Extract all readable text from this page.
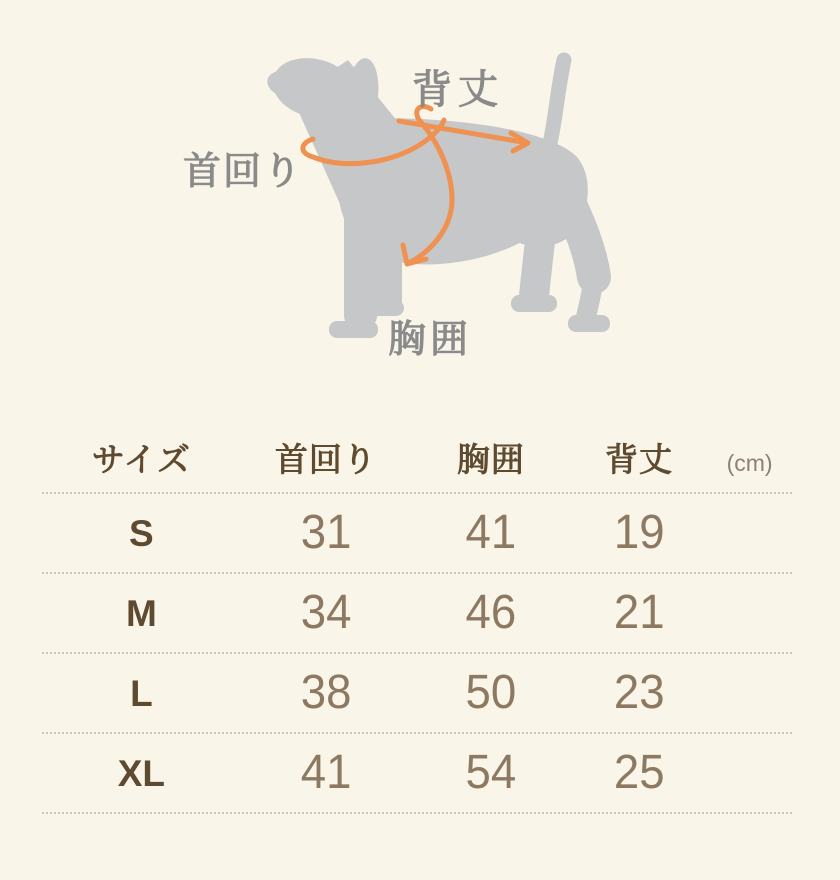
背丈
首回り
胸囲
サイズ	首回り	胸囲	背丈	(cm)
S	31	41	19
M	34	46	21
L	38	50	23
XL	41	54	25
